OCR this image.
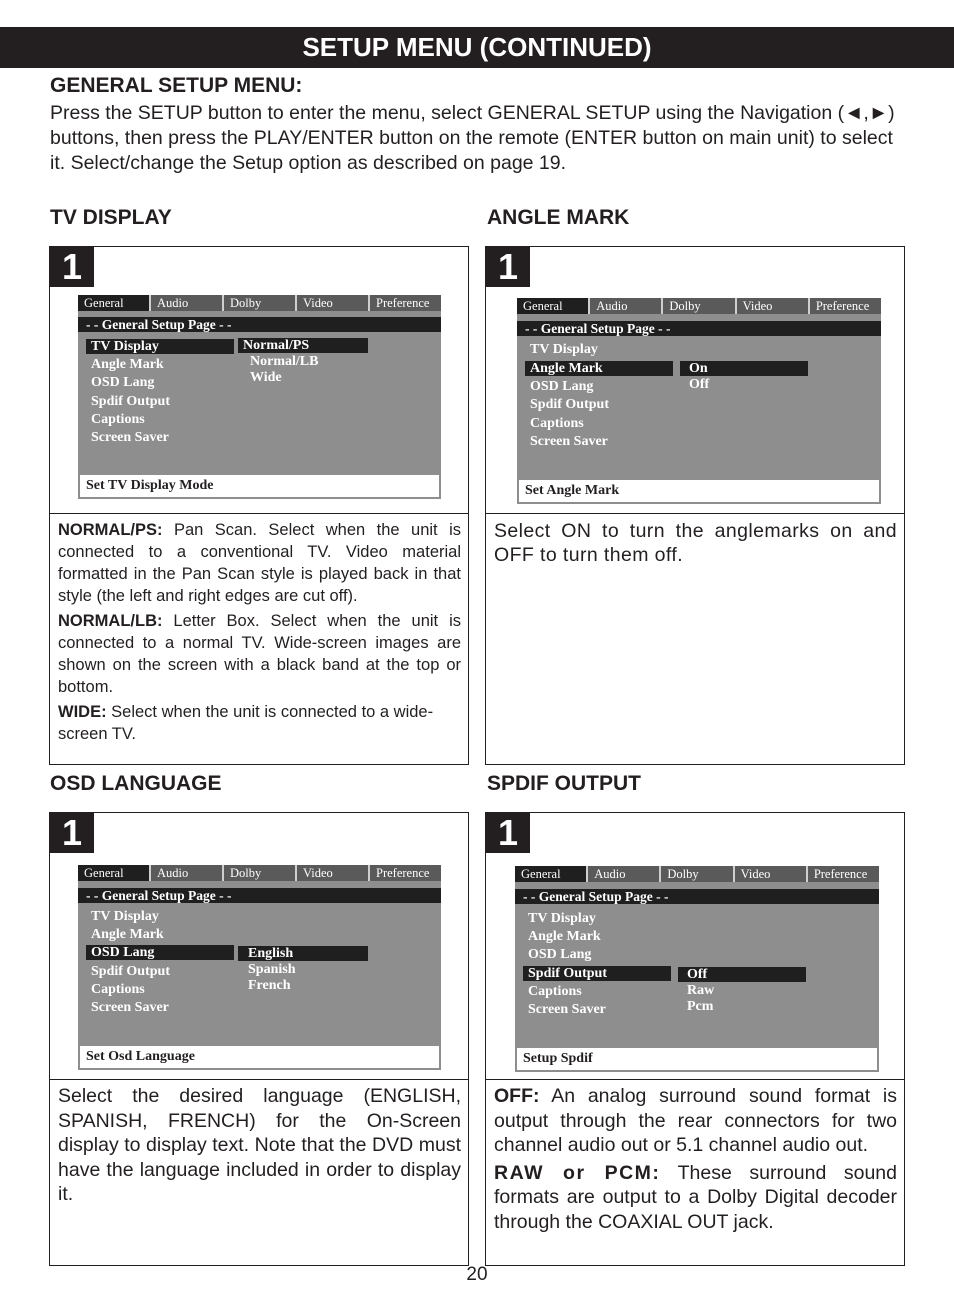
SETUP MENU (CONTINUED)
GENERAL SETUP MENU:
Press the SETUP button to enter the menu, select GENERAL SETUP using the Navigation (◄,►) buttons, then press the PLAY/ENTER button on the remote (ENTER button on main unit) to select it. Select/change the Setup option as described on page 19.
TV DISPLAY
1
General	Audio	Dolby	Video	Preference
- - General Setup Page - -
TV Display
Angle Mark
OSD Lang
Spdif Output
Captions
Screen Saver
Normal/PS
Normal/LB
Wide
Set TV Display Mode

NORMAL/PS: Pan Scan. Select when the unit is connected to a conventional TV. Video material formatted in the Pan Scan style is played back in that style (the left and right edges are cut off).

NORMAL/LB: Letter Box. Select when the unit is connected to a normal TV. Wide-screen images are shown on the screen with a black band at the top or bottom.

WIDE: Select when the unit is connected to a wide-screen TV.

ANGLE MARK
1
General	Audio	Dolby	Video	Preference
- - General Setup Page - -
TV Display
Angle Mark
OSD Lang
Spdif Output
Captions
Screen Saver
On
Off
Set Angle Mark
Select ON to turn the anglemarks on and OFF to turn them off.
OSD LANGUAGE
1
General	Audio	Dolby	Video	Preference
- - General Setup Page - -
TV Display
Angle Mark
OSD Lang
Spdif Output
Captions
Screen Saver
English
Spanish
French
Set Osd Language
Select the desired language (ENGLISH, SPANISH, FRENCH) for the On-Screen display to display text. Note that the DVD must have the language included in order to display it.
SPDIF OUTPUT
1
General	Audio	Dolby	Video	Preference
- - General Setup Page - -
TV Display
Angle Mark
OSD Lang
Spdif Output
Captions
Screen Saver
Off
Raw
Pcm
Setup Spdif

OFF: An analog surround sound format is output through the rear connectors for two channel audio out or 5.1 channel audio out.

RAW or PCM: These surround sound formats are output to a Dolby Digital decoder through the COAXIAL OUT jack.

20
